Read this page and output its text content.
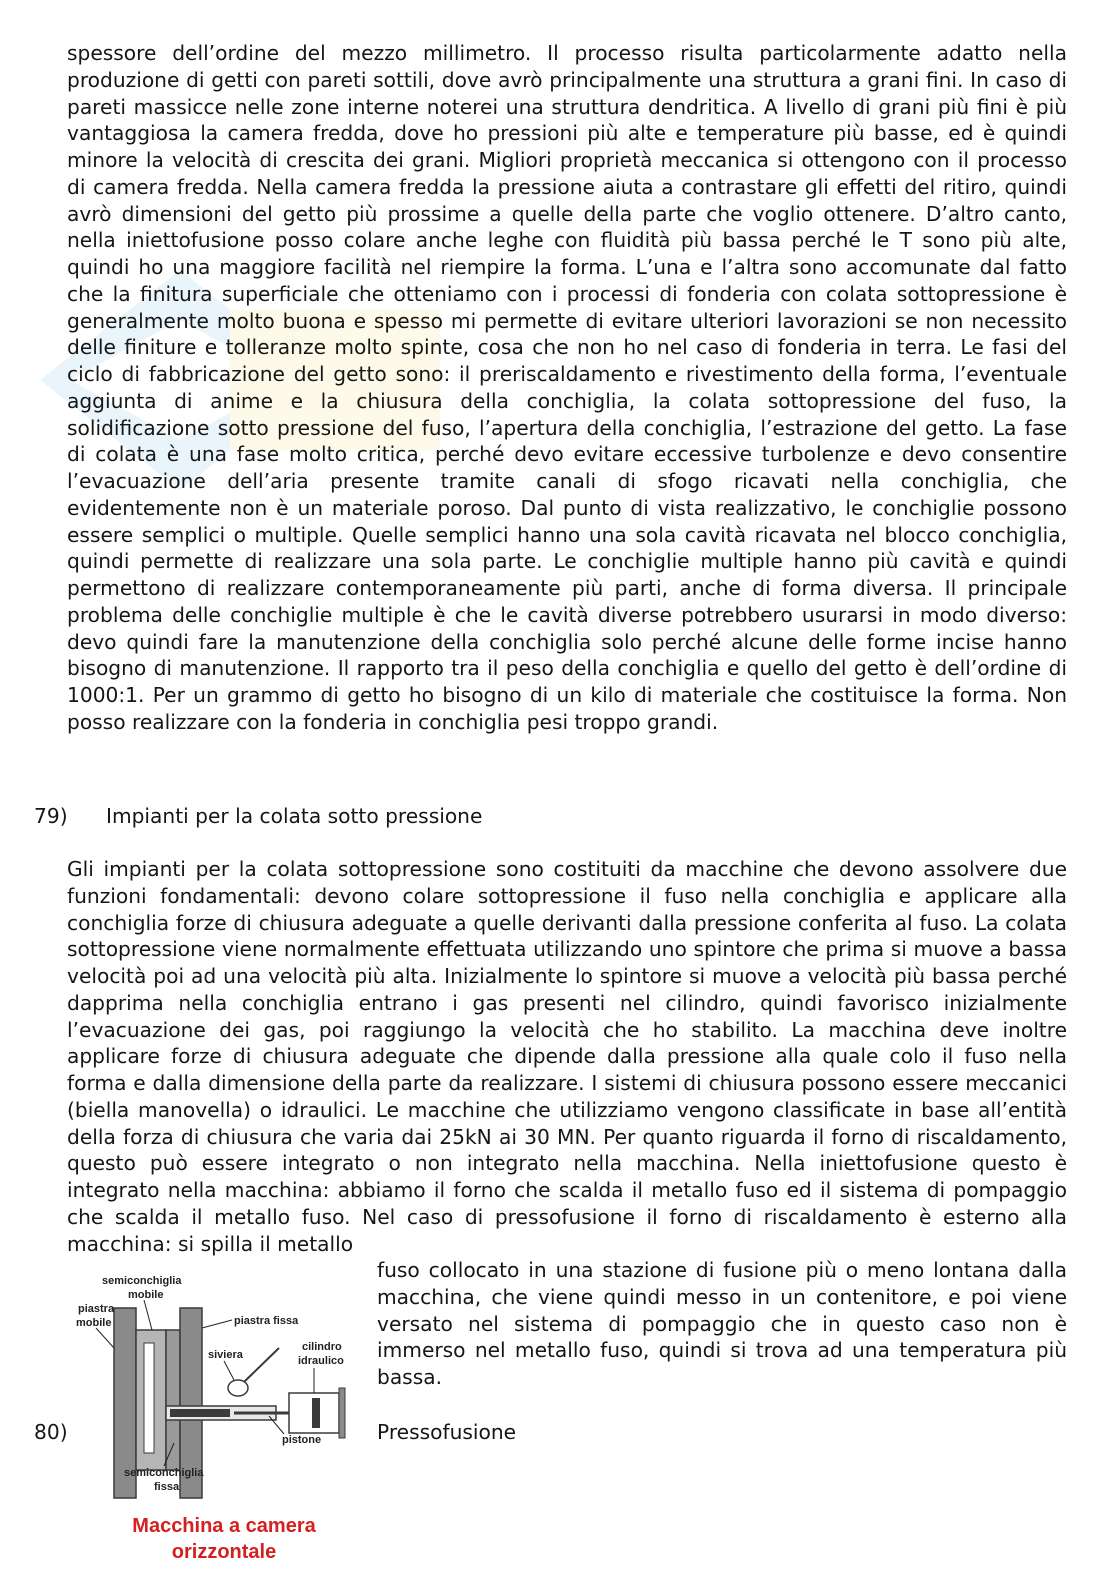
spessore dell’ordine del mezzo millimetro. Il processo risulta particolarmente adatto nella produzione di getti con pareti sottili, dove avrò principalmente una struttura a grani fini. In caso di pareti massicce nelle zone interne noterei una struttura dendritica. A livello di grani più fini è più vantaggiosa la camera fredda, dove ho pressioni più alte e temperature più basse, ed è quindi minore la velocità di crescita dei grani. Migliori proprietà meccanica si ottengono con il processo di camera fredda. Nella camera fredda la pressione aiuta a contrastare gli effetti del ritiro, quindi avrò dimensioni del getto più prossime a quelle della parte che voglio ottenere. D’altro canto, nella iniettofusione posso colare anche leghe con fluidità più bassa perché le T sono più alte, quindi ho una maggiore facilità nel riempire la forma. L’una e l’altra sono accomunate dal fatto che la finitura superficiale che otteniamo con i processi di fonderia con colata sottopressione è generalmente molto buona e spesso mi permette di evitare ulteriori lavorazioni se non necessito delle finiture e tolleranze molto spinte, cosa che non ho nel caso di fonderia in terra. Le fasi del ciclo di fabbricazione del getto sono: il preriscaldamento e rivestimento della forma, l’eventuale aggiunta di anime e la chiusura della conchiglia, la colata sottopressione del fuso, la solidificazione sotto pressione del fuso, l’apertura della conchiglia, l’estrazione del getto. La fase di colata è una fase molto critica, perché devo evitare eccessive turbolenze e devo consentire l’evacuazione dell’aria presente tramite canali di sfogo ricavati nella conchiglia, che evidentemente non è un materiale poroso. Dal punto di vista realizzativo, le conchiglie possono essere semplici o multiple. Quelle semplici hanno una sola cavità ricavata nel blocco conchiglia, quindi permette di realizzare una sola parte. Le conchiglie multiple hanno più cavità e quindi permettono di realizzare contemporaneamente più parti, anche di forma diversa. Il principale problema delle conchiglie multiple è che le cavità diverse potrebbero usurarsi in modo diverso: devo quindi fare la manutenzione della conchiglia solo perché alcune delle forme incise hanno bisogno di manutenzione. Il rapporto tra il peso della conchiglia e quello del getto è dell’ordine di 1000:1. Per un grammo di getto ho bisogno di un kilo di materiale che costituisce la forma. Non posso realizzare con la fonderia in conchiglia pesi troppo grandi.

79) Impianti per la colata sotto pressione

Gli impianti per la colata sottopressione sono costituiti da macchine che devono assolvere due funzioni fondamentali: devono colare sottopressione il fuso nella conchiglia e applicare alla conchiglia forze di chiusura adeguate a quelle derivanti dalla pressione conferita al fuso. La colata sottopressione viene normalmente effettuata utilizzando uno spintore che prima si muove a bassa velocità poi ad una velocità più alta. Inizialmente lo spintore si muove a velocità più bassa perché dapprima nella conchiglia entrano i gas presenti nel cilindro, quindi favorisco inizialmente l’evacuazione dei gas, poi raggiungo la velocità che ho stabilito. La macchina deve inoltre applicare forze di chiusura adeguate che dipende dalla pressione alla quale colo il fuso nella forma e dalla dimensione della parte da realizzare. I sistemi di chiusura possono essere meccanici (biella manovella) o idraulici. Le macchine che utilizziamo vengono classificate in base all’entità della forza di chiusura che varia dai 25kN ai 30 MN. Per quanto riguarda il forno di riscaldamento, questo può essere integrato o non integrato nella macchina. Nella iniettofusione questo è integrato nella macchina: abbiamo il forno che scalda il metallo fuso ed il sistema di pompaggio che scalda il metallo fuso. Nel caso di pressofusione il forno di riscaldamento è esterno alla macchina: si spilla il metallo

fuso collocato in una stazione di fusione più o meno lontana dalla macchina, che viene quindi messo in un contenitore, e poi viene versato nel sistema di pompaggio che in questo caso non è immerso nel metallo fuso, quindi si trova ad una temperatura più bassa.

80)	Pressofusione
semiconchiglia
mobile
piastra
mobile	piastra fissa
siviera
cilindro
idraulico
pistone
semiconchiglia
fissa
Macchina a camera
orizzontale
